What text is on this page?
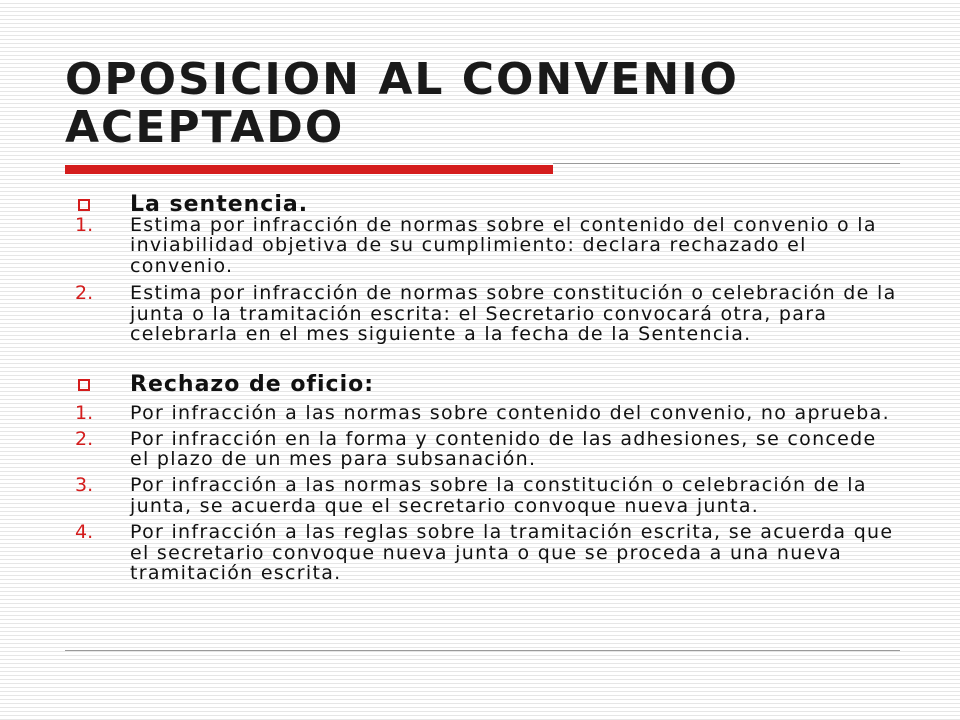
OPOSICION AL CONVENIO ACEPTADO
La sentencia.
1.	Estima por infracción de normas sobre el contenido del convenio o la
inviabilidad objetiva de su cumplimiento: declara rechazado el
convenio.
2.	Estima por infracción de normas sobre constitución o celebración de la
junta o la tramitación escrita: el Secretario convocará otra, para
celebrarla en el mes siguiente a la fecha de la Sentencia.
Rechazo de oficio:
1.	Por infracción a las normas sobre contenido del convenio, no aprueba.
2.	Por infracción en la forma y contenido de las adhesiones, se concede
el plazo de un mes para subsanación.
3.	Por infracción a las normas sobre la constitución o celebración de la
junta, se acuerda que el secretario convoque nueva junta.
4.	Por infracción a las reglas sobre la tramitación escrita, se acuerda que
el secretario convoque nueva junta o que se proceda a una nueva
tramitación escrita.
